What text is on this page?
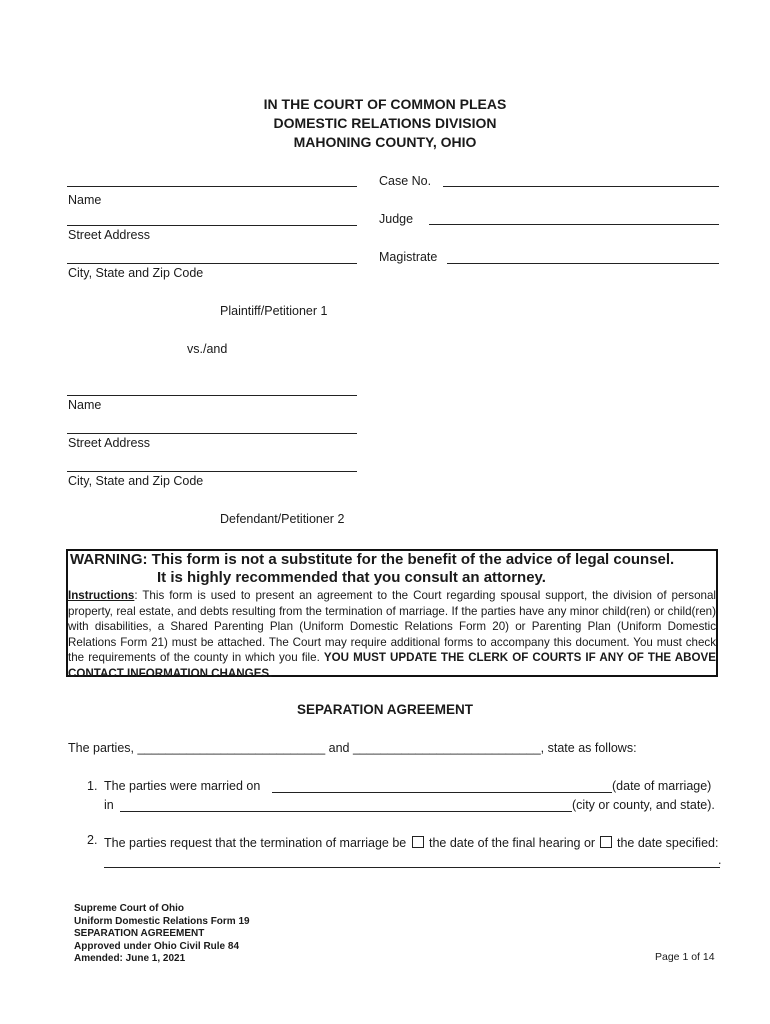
IN THE COURT OF COMMON PLEAS
DOMESTIC RELATIONS DIVISION
MAHONING COUNTY, OHIO
Case No.
Judge
Magistrate
Name
Street Address
City, State and Zip Code
Plaintiff/Petitioner 1
vs./and
Name
Street Address
City, State and Zip Code
Defendant/Petitioner 2
WARNING: This form is not a substitute for the benefit of the advice of legal counsel.
It is highly recommended that you consult an attorney.
Instructions: This form is used to present an agreement to the Court regarding spousal support, the division of personal property, real estate, and debts resulting from the termination of marriage. If the parties have any minor child(ren) or child(ren) with disabilities, a Shared Parenting Plan (Uniform Domestic Relations Form 20) or Parenting Plan (Uniform Domestic Relations Form 21) must be attached. The Court may require additional forms to accompany this document. You must check the requirements of the county in which you file. YOU MUST UPDATE THE CLERK OF COURTS IF ANY OF THE ABOVE CONTACT INFORMATION CHANGES.
SEPARATION AGREEMENT
The parties, ___________________________ and ___________________________, state as follows:
1. The parties were married on	(date of marriage)
in	(city or county, and state).
2. The parties request that the termination of marriage be the date of the final hearing or the date specified:
.
Supreme Court of Ohio
Uniform Domestic Relations Form 19
SEPARATION AGREEMENT
Approved under Ohio Civil Rule 84
Amended: June 1, 2021	Page 1 of 14
